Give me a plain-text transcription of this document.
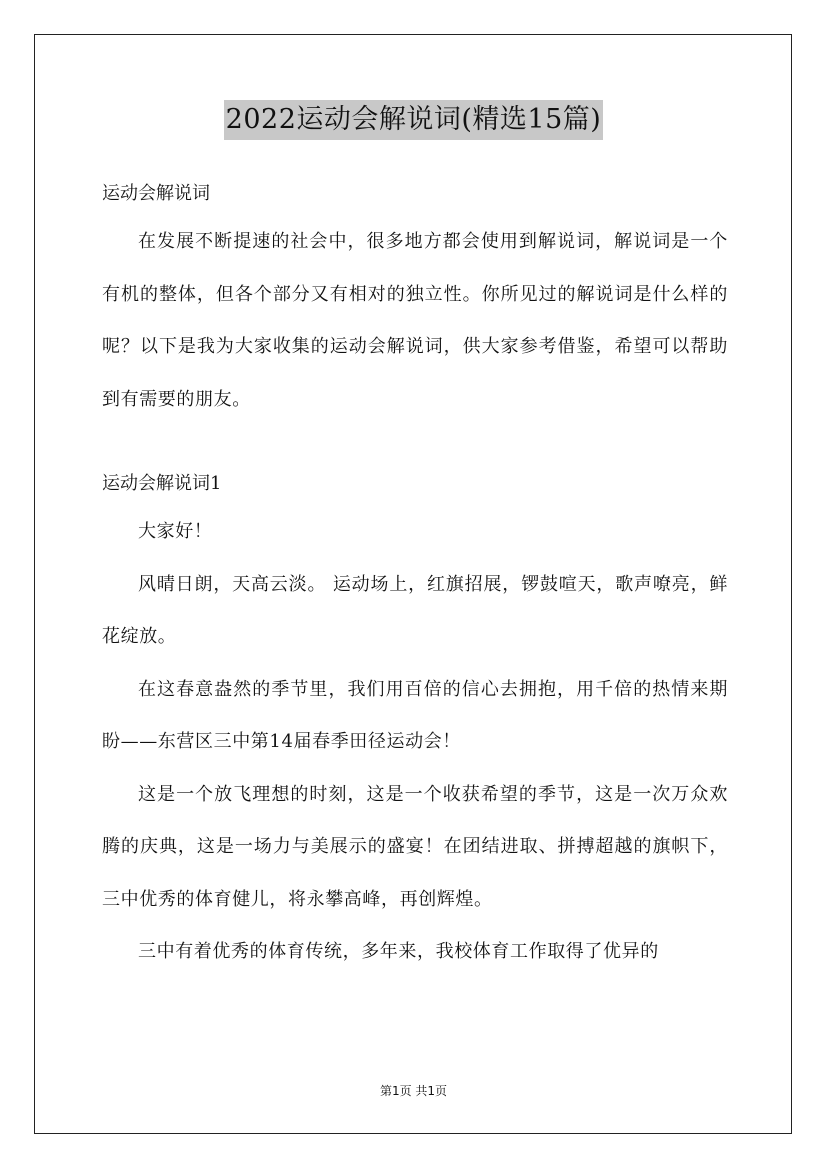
2022运动会解说词(精选15篇)

运动会解说词

在发展不断提速的社会中，很多地方都会使用到解说词，解说词是一个有机的整体，但各个部分又有相对的独立性。你所见过的解说词是什么样的呢？以下是我为大家收集的运动会解说词，供大家参考借鉴，希望可以帮助到有需要的朋友。

运动会解说词1

大家好！

风晴日朗，天高云淡。 运动场上，红旗招展，锣鼓喧天，歌声嘹亮，鲜花绽放。

在这春意盎然的季节里，我们用百倍的信心去拥抱，用千倍的热情来期盼——东营区三中第14届春季田径运动会！

这是一个放飞理想的时刻，这是一个收获希望的季节，这是一次万众欢腾的庆典，这是一场力与美展示的盛宴！在团结进取、拼搏超越的旗帜下，三中优秀的体育健儿，将永攀高峰，再创辉煌。

三中有着优秀的体育传统，多年来，我校体育工作取得了优异的

第1页 共1页
